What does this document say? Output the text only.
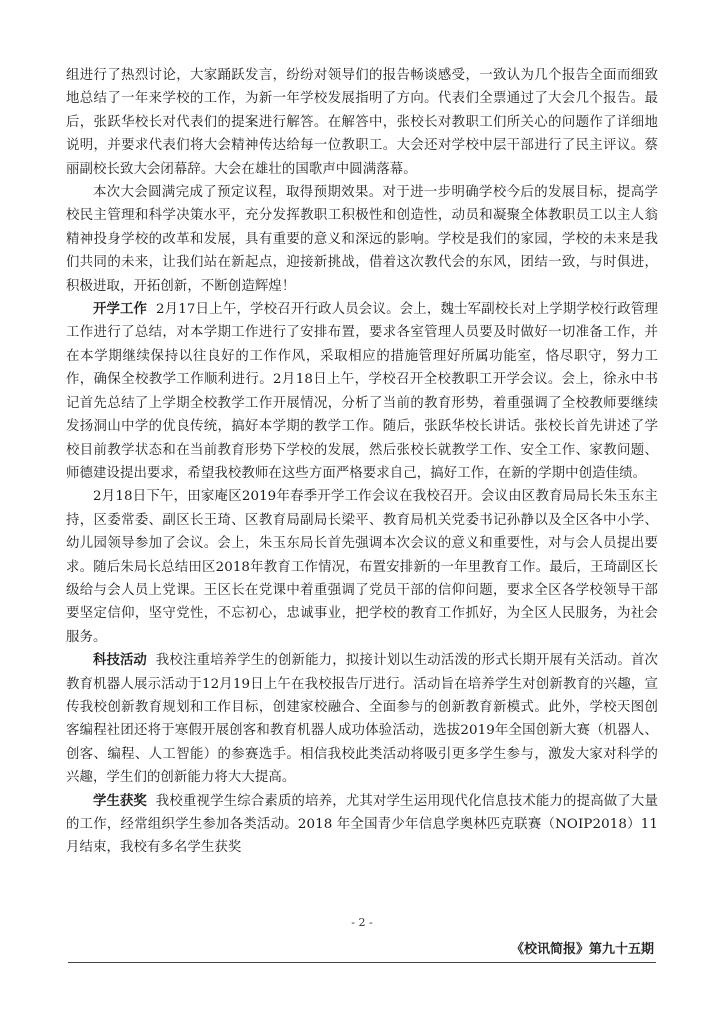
组进行了热烈讨论，大家踊跃发言，纷纷对领导们的报告畅谈感受，一致认为几个报告全面而细致地总结了一年来学校的工作，为新一年学校发展指明了方向。代表们全票通过了大会几个报告。最后，张跃华校长对代表们的提案进行解答。在解答中，张校长对教职工们所关心的问题作了详细地说明，并要求代表们将大会精神传达给每一位教职工。大会还对学校中层干部进行了民主评议。蔡丽副校长致大会闭幕辞。大会在雄壮的国歌声中圆满落幕。

本次大会圆满完成了预定议程，取得预期效果。对于进一步明确学校今后的发展目标，提高学校民主管理和科学决策水平，充分发挥教职工积极性和创造性，动员和凝聚全体教职员工以主人翁精神投身学校的改革和发展，具有重要的意义和深远的影响。学校是我们的家园，学校的未来是我们共同的未来，让我们站在新起点，迎接新挑战，借着这次教代会的东风，团结一致，与时俱进，积极进取，开拓创新，不断创造辉煌！

开学工作 2月17日上午，学校召开行政人员会议。会上，魏士军副校长对上学期学校行政管理工作进行了总结，对本学期工作进行了安排布置，要求各室管理人员要及时做好一切准备工作，并在本学期继续保持以往良好的工作作风，采取相应的措施管理好所属功能室，恪尽职守，努力工作，确保全校教学工作顺利进行。2月18日上午，学校召开全校教职工开学会议。会上，徐永中书记首先总结了上学期全校教学工作开展情况，分析了当前的教育形势，着重强调了全校教师要继续发扬洞山中学的优良传统，搞好本学期的教学工作。随后，张跃华校长讲话。张校长首先讲述了学校目前教学状态和在当前教育形势下学校的发展，然后张校长就教学工作、安全工作、家教问题、师德建设提出要求，希望我校教师在这些方面严格要求自己，搞好工作，在新的学期中创造佳绩。

2月18日下午，田家庵区2019年春季开学工作会议在我校召开。会议由区教育局局长朱玉东主持，区委常委、副区长王琦、区教育局副局长梁平、教育局机关党委书记孙静以及全区各中小学、幼儿园领导参加了会议。会上，朱玉东局长首先强调本次会议的意义和重要性，对与会人员提出要求。随后朱局长总结田区2018年教育工作情况，布置安排新的一年里教育工作。最后，王琦副区长级给与会人员上党课。王区长在党课中着重强调了党员干部的信仰问题，要求全区各学校领导干部要坚定信仰，坚守党性，不忘初心，忠诚事业，把学校的教育工作抓好，为全区人民服务，为社会服务。

科技活动 我校注重培养学生的创新能力，拟接计划以生动活泼的形式长期开展有关活动。首次教育机器人展示活动于12月19日上午在我校报告厅进行。活动旨在培养学生对创新教育的兴趣，宣传我校创新教育规划和工作目标，创建家校融合、全面参与的创新教育新模式。此外，学校天图创客编程社团还将于寒假开展创客和教育机器人成功体验活动，选拔2019年全国创新大赛（机器人、创客、编程、人工智能）的参赛选手。相信我校此类活动将吸引更多学生参与，激发大家对科学的兴趣，学生们的创新能力将大大提高。

学生获奖 我校重视学生综合素质的培养，尤其对学生运用现代化信息技术能力的提高做了大量的工作，经常组织学生参加各类活动。2018 年全国青少年信息学奥林匹克联赛（NOIP2018）11 月结束，我校有多名学生获奖

- 2 -
《校讯简报》第九十五期
